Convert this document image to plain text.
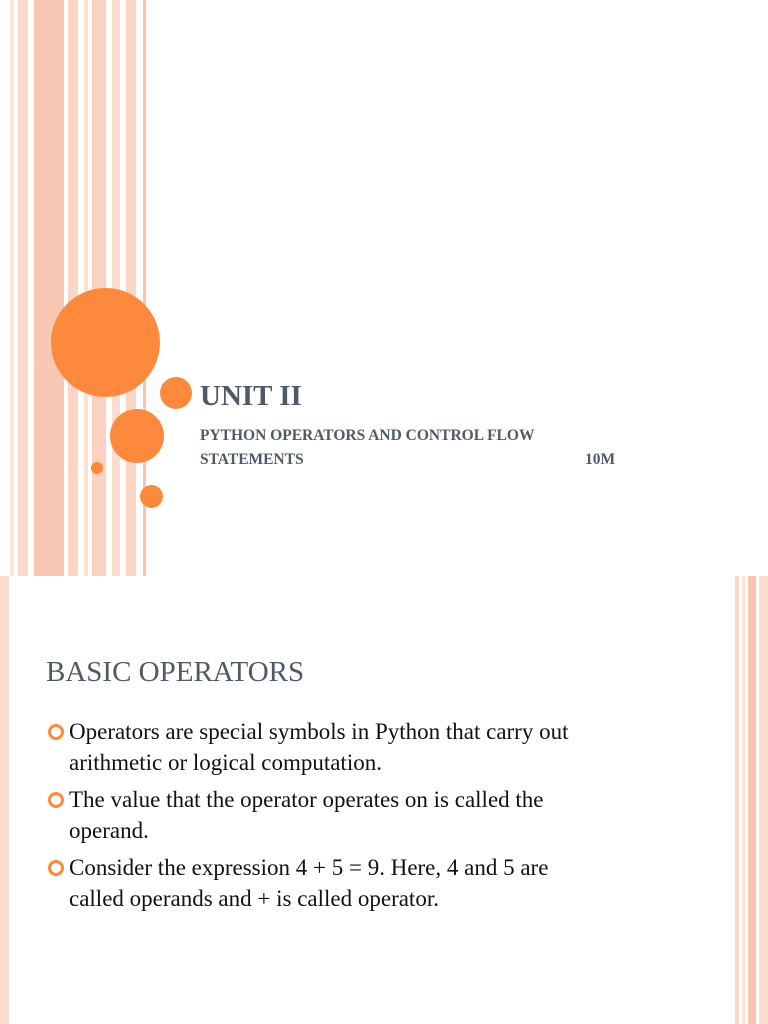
UNIT II
PYTHON OPERATORS AND CONTROL FLOW
STATEMENTS	10M
BASIC OPERATORS
Operators are special symbols in Python that carry out
arithmetic or logical computation.
The value that the operator operates on is called the
operand.
Consider the expression 4 + 5 = 9. Here, 4 and 5 are
called operands and + is called operator.
